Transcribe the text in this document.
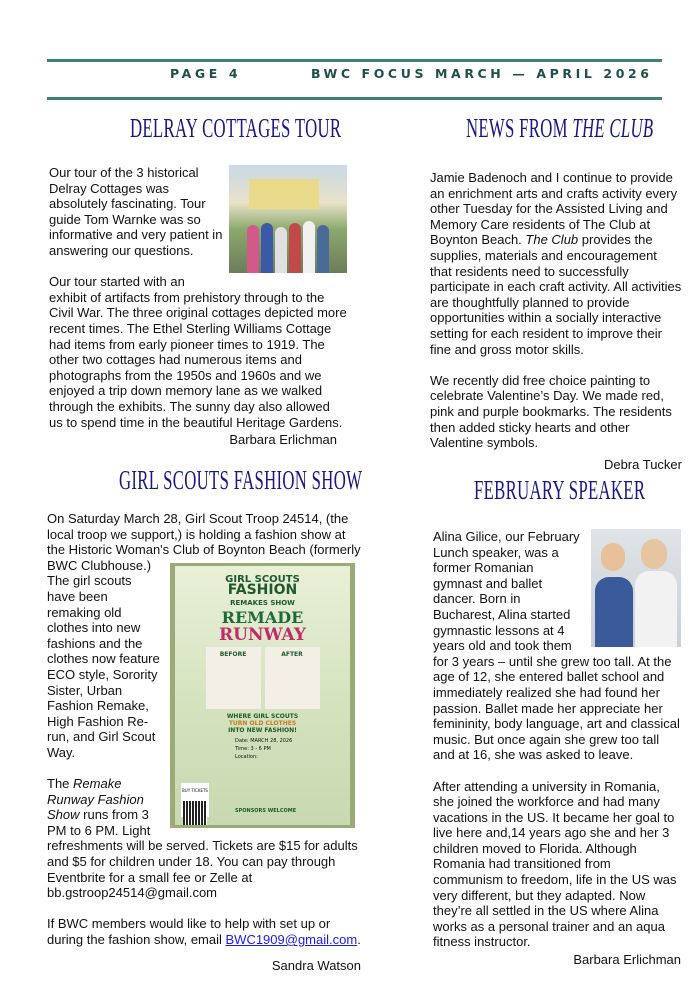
PAGE 4	BWC FOCUS MARCH — APRIL 2026
DELRAY COTTAGES TOUR

Our tour of the 3 historical Delray Cottages was absolutely fascinating. Tour guide Tom Warnke was so informative and very patient in answering our questions.

Our tour started with an exhibit of artifacts from prehistory through to the Civil War. The three original cottages depicted more recent times. The Ethel Sterling Williams Cottage had items from early pioneer times to 1919. The other two cottages had numerous items and photographs from the 1950s and 1960s and we enjoyed a trip down memory lane as we walked through the exhibits. The sunny day also allowed us to spend time in the beautiful Heritage Gardens.

Barbara Erlichman
GIRL SCOUTS FASHION SHOW
GIRL SCOUTS
FASHION
REMAKES SHOW
REMADE
RUNWAY
BEFORE	AFTER
WHERE GIRL SCOUTS
TURN OLD CLOTHES
INTO NEW FASHION!
Date: MARCH 28, 2026
Time: 3 - 6 PM
Location:
BUY TICKETS
SPONSORS WELCOME

On Saturday March 28, Girl Scout Troop 24514, (the local troop we support,) is holding a fashion show at the Historic Woman's Club of Boynton Beach (formerly BWC Clubhouse.) The girl scouts have been remaking old clothes into new fashions and the clothes now feature ECO style, Sorority Sister, Urban Fashion Remake, High Fashion Re-run, and Girl Scout Way.

The Remake Runway Fashion Show runs from 3 PM to 6 PM. Light refreshments will be served. Tickets are $15 for adults and $5 for children under 18. You can pay through Eventbrite for a small fee or Zelle at bb.gstroop24514@gmail.com

If BWC members would like to help with set up or during the fashion show, email BWC1909@gmail.com.

Sandra Watson
NEWS FROM THE CLUB

Jamie Badenoch and I continue to provide an enrichment arts and crafts activity every other Tuesday for the Assisted Living and Memory Care residents of The Club at Boynton Beach. The Club provides the supplies, materials and encouragement that residents need to successfully participate in each craft activity. All activities are thoughtfully planned to provide opportunities within a socially interactive setting for each resident to improve their fine and gross motor skills.

We recently did free choice painting to celebrate Valentine’s Day. We made red, pink and purple bookmarks. The residents then added sticky hearts and other Valentine symbols.

Debra Tucker
FEBRUARY SPEAKER

Alina Gilice, our February Lunch speaker, was a former Romanian gymnast and ballet dancer. Born in Bucharest, Alina started gymnastic lessons at 4 years old and took them for 3 years – until she grew too tall. At the age of 12, she entered ballet school and immediately realized she had found her passion. Ballet made her appreciate her femininity, body language, art and classical music. But once again she grew too tall and at 16, she was asked to leave.

After attending a university in Romania, she joined the workforce and had many vacations in the US. It became her goal to live here and,14 years ago she and her 3 children moved to Florida. Although Romania had transitioned from communism to freedom, life in the US was very different, but they adapted. Now they’re all settled in the US where Alina works as a personal trainer and an aqua fitness instructor.

Barbara Erlichman
